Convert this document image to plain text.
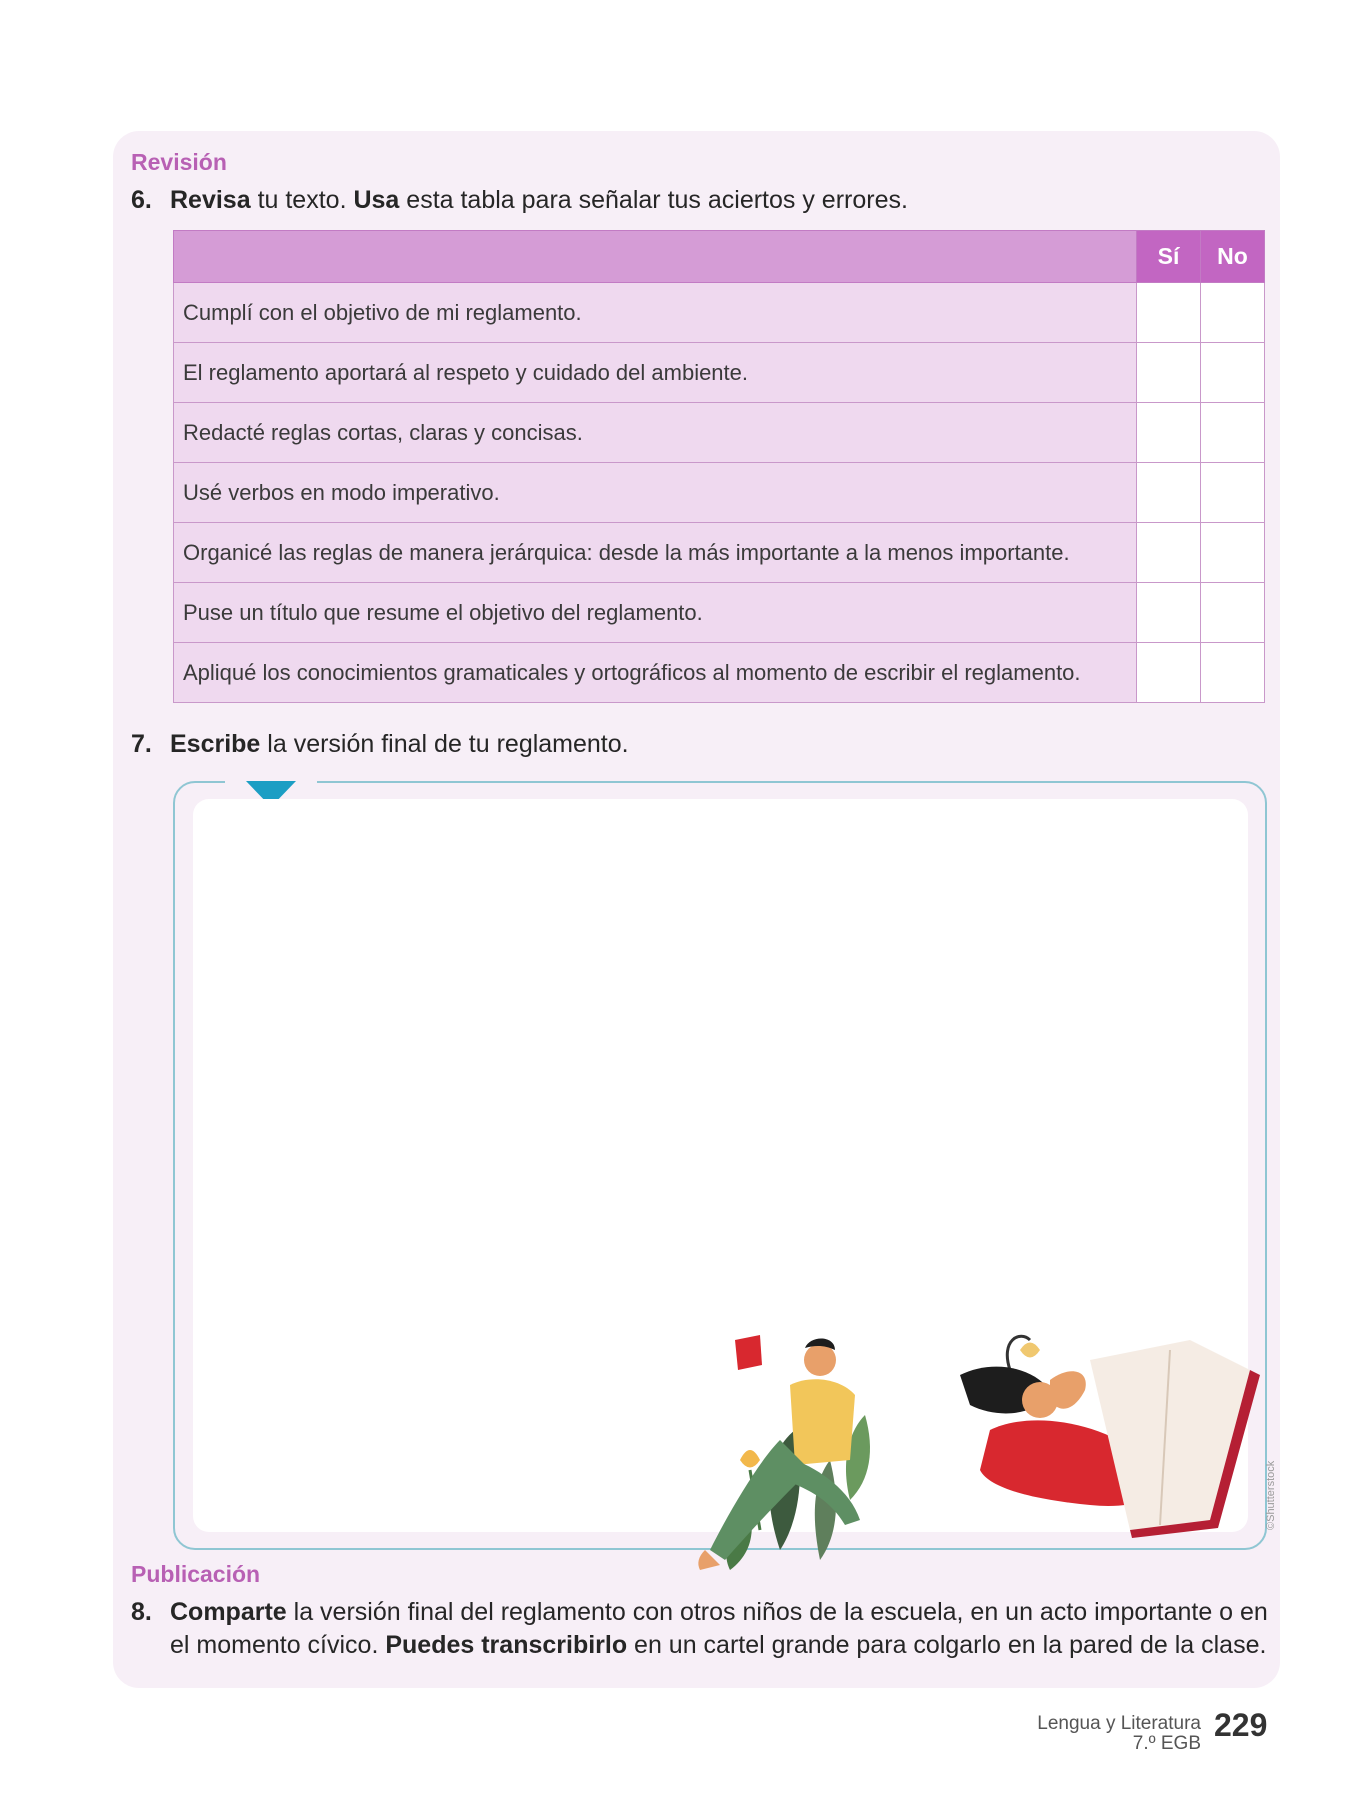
Revisión
6. Revisa tu texto. Usa esta tabla para señalar tus aciertos y errores.
	Sí	No
Cumplí con el objetivo de mi reglamento.		
El reglamento aportará al respeto y cuidado del ambiente.		
Redacté reglas cortas, claras y concisas.		
Usé verbos en modo imperativo.		
Organicé las reglas de manera jerárquica: desde la más importante a la menos importante.		
Puse un título que resume el objetivo del reglamento.		
Apliqué los conocimientos gramaticales y ortográficos al momento de escribir el reglamento.		
7. Escribe la versión final de tu reglamento.
©Shutterstock
Publicación
8. Comparte la versión final del reglamento con otros niños de la escuela, en un acto importante o en
el momento cívico. Puedes transcribirlo en un cartel grande para colgarlo en la pared de la clase.
Lengua y Literatura
7.º EGB
229
